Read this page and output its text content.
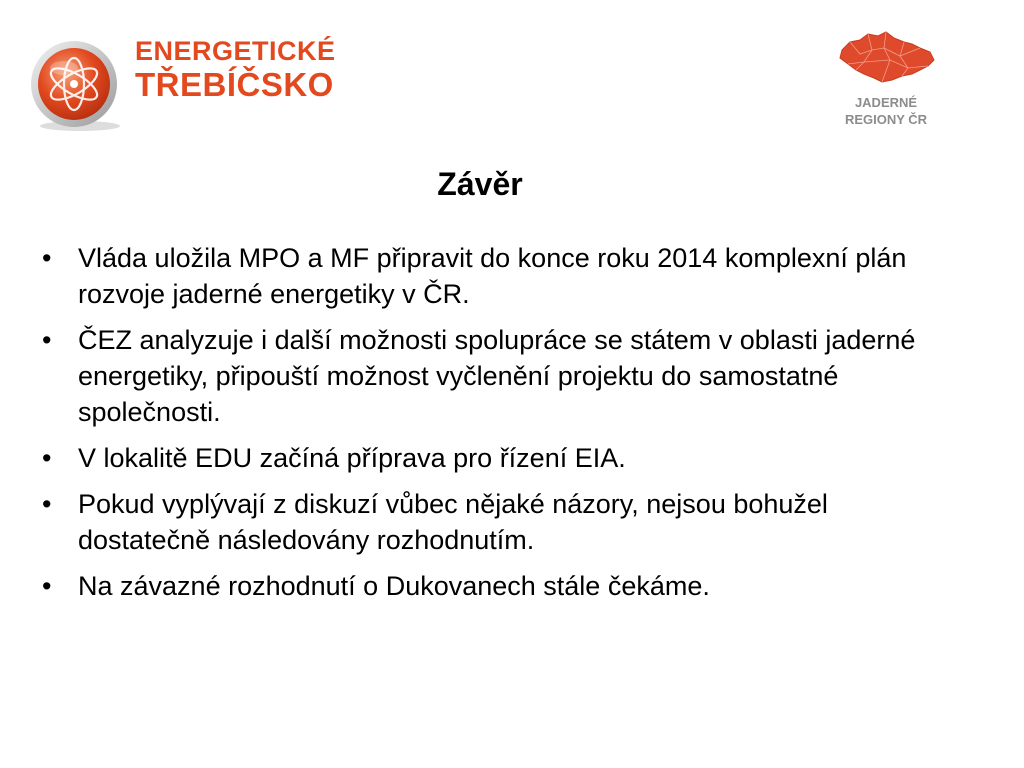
ENERGETICKÉ
TŘEBÍČSKO	JADERNÉ
REGIONY ČR
Závěr
• Vláda uložila MPO a MF připravit do konce roku 2014 komplexní plán rozvoje jaderné energetiky v ČR.
• ČEZ analyzuje i další možnosti spolupráce se státem v oblasti jaderné energetiky, připouští možnost vyčlenění projektu do samostatné společnosti.
• V lokalitě EDU začíná příprava pro řízení EIA.
• Pokud vyplývají z diskuzí vůbec nějaké názory, nejsou bohužel dostatečně následovány rozhodnutím.
• Na závazné rozhodnutí o Dukovanech stále čekáme.
